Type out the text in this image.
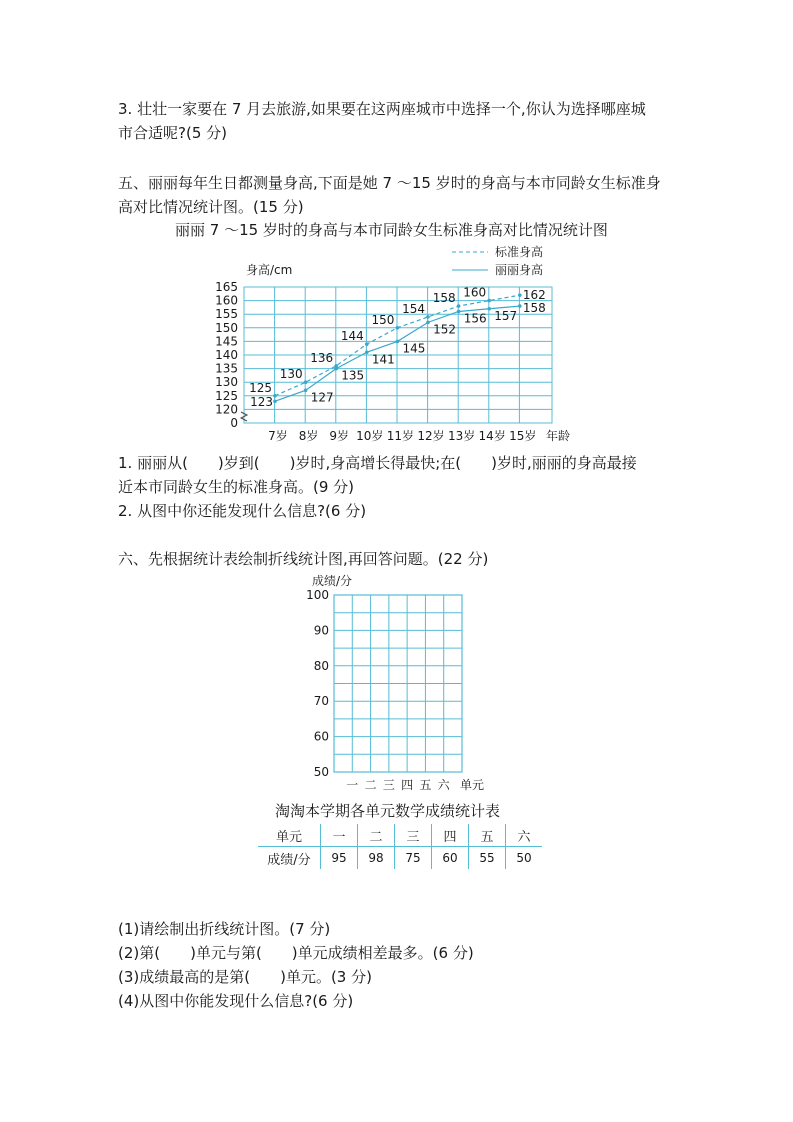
3. 壮壮一家要在 7 月去旅游,如果要在这两座城市中选择一个,你认为选择哪座城
市合适呢?(5 分)
五、丽丽每年生日都测量身高,下面是她 7 ～15 岁时的身高与本市同龄女生标准身
高对比情况统计图。(15 分)
丽丽 7 ～15 岁时的身高与本市同龄女生标准身高对比情况统计图
标准身高
丽丽身高
身高/cm
年龄
0
120
125
130
135
140
145
150
155
160
165
7岁 8岁 9岁 10岁 11岁 12岁 13岁 14岁 15岁
125
130
136
144
150
154
158 160	162
123	127
135
141
145
152
156 157
158
1. 丽丽从(　　)岁到(　　)岁时,身高增长得最快;在(　　)岁时,丽丽的身高最接
近本市同龄女生的标准身高。(9 分)
2. 从图中你还能发现什么信息?(6 分)
六、先根据统计表绘制折线统计图,再回答问题。(22 分)
成绩/分
单元
50
60
70
80
90
100
一 二 三 四 五 六
淘淘本学期各单元数学成绩统计表
单元	一	二	三	四	五	六
成绩/分	95	98	75	60	55	50
(1)请绘制出折线统计图。(7 分)
(2)第(　　)单元与第(　　)单元成绩相差最多。(6 分)
(3)成绩最高的是第(　　)单元。(3 分)
(4)从图中你能发现什么信息?(6 分)
